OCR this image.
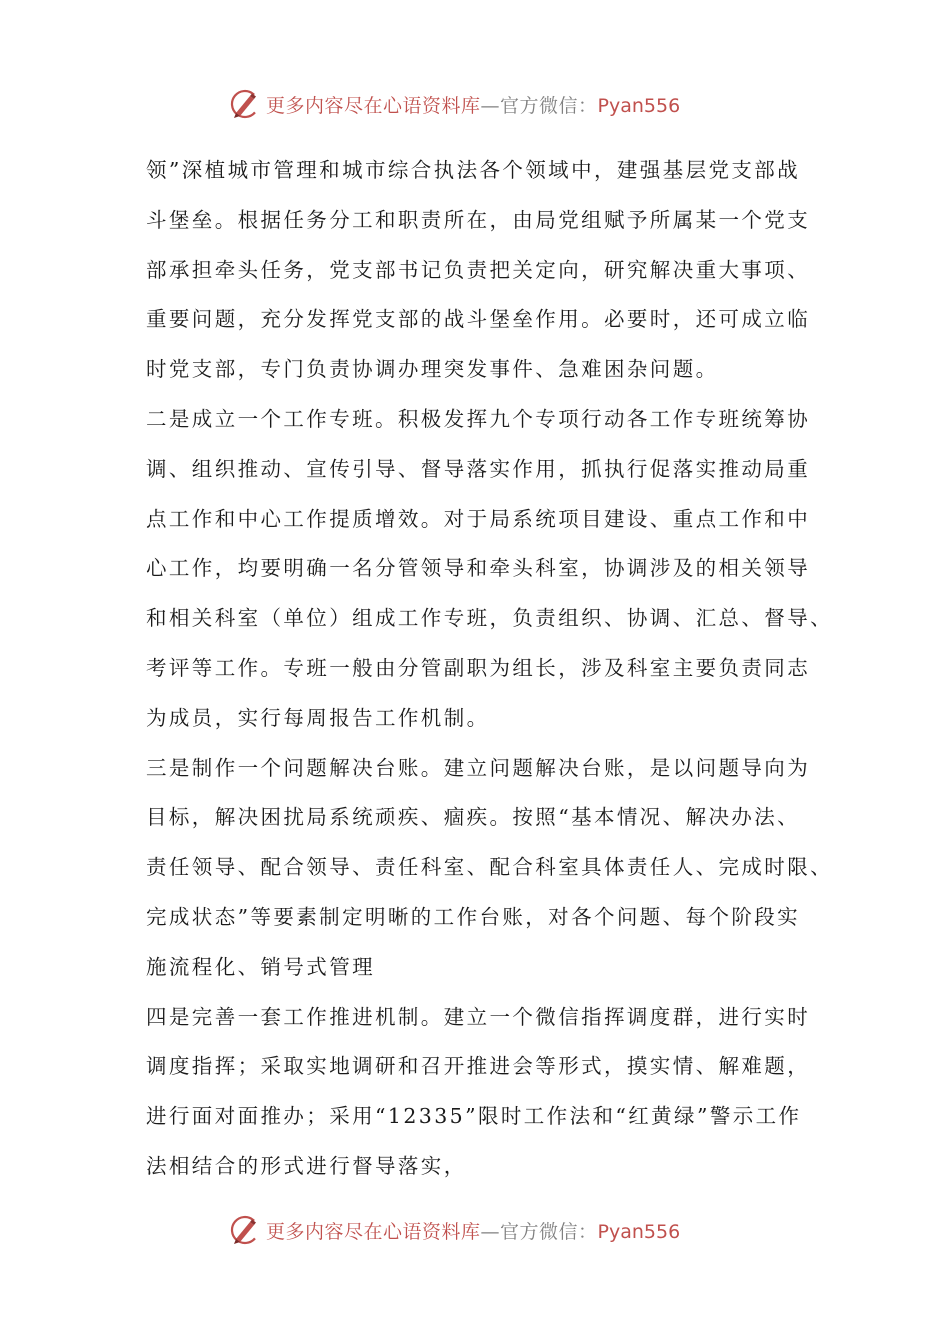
更多内容尽在心语资料库—官方微信：Pyan556
领”深植城市管理和城市综合执法各个领域中，建强基层党支部战
斗堡垒。根据任务分工和职责所在，由局党组赋予所属某一个党支
部承担牵头任务，党支部书记负责把关定向，研究解决重大事项、
重要问题，充分发挥党支部的战斗堡垒作用。必要时，还可成立临
时党支部，专门负责协调办理突发事件、急难困杂问题。
二是成立一个工作专班。积极发挥九个专项行动各工作专班统筹协
调、组织推动、宣传引导、督导落实作用，抓执行促落实推动局重
点工作和中心工作提质增效。对于局系统项目建设、重点工作和中
心工作，均要明确一名分管领导和牵头科室，协调涉及的相关领导
和相关科室（单位）组成工作专班，负责组织、协调、汇总、督导、
考评等工作。专班一般由分管副职为组长，涉及科室主要负责同志
为成员，实行每周报告工作机制。
三是制作一个问题解决台账。建立问题解决台账，是以问题导向为
目标，解决困扰局系统顽疾、痼疾。按照“基本情况、解决办法、
责任领导、配合领导、责任科室、配合科室具体责任人、完成时限、
完成状态”等要素制定明晰的工作台账，对各个问题、每个阶段实
施流程化、销号式管理
四是完善一套工作推进机制。建立一个微信指挥调度群，进行实时
调度指挥；采取实地调研和召开推进会等形式，摸实情、解难题，
进行面对面推办；采用“12335”限时工作法和“红黄绿”警示工作
法相结合的形式进行督导落实，
更多内容尽在心语资料库—官方微信：Pyan556
